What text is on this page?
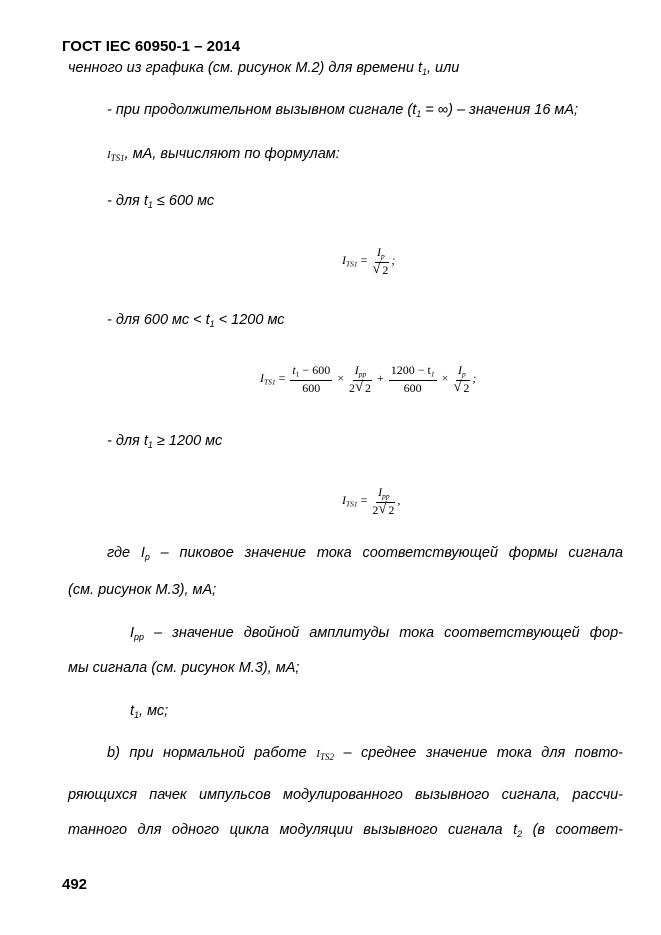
ГОСТ IEC 60950-1 – 2014
ченного из графика (см. рисунок М.2) для времени $t_1$, или
- при продолжительном вызывном сигнале ($t_1$ = ∞) – значения 16 мА;
$I_{TS1}$, мА, вычисляют по формулам:
- для $t_1 \le 600$ мс
$I_{TS1} = I_p$
√ 2 ;
- для 600 мс < $t_1 < 1200$ мс
$I_{TS1} = \frac{t_1 - 600}{600} \times \frac{I_{pp}}{2 √ 2} + \frac{1200 - t_1}{600} \times I_p$
√ 2 ;
- для $t_1 \ge 1200$ мс
$I_{TS1} = \frac{I_{pp}}{2 √ 2}$ ,
где $I_p$ – пиковое значение тока соответствующей формы сигнала
(см. рисунок М.3), мА;
$I_{pp}$ – значение двойной амплитуды тока соответствующей фор-
мы сигнала (см. рисунок М.3), мА;
$t_1$, мс;
b) при нормальной работе $I_{TS2}$ – среднее значение тока для повто-
ряющихся пачек импульсов модулированного вызывного сигнала, рассчи-
танного для одного цикла модуляции вызывного сигнала $t_2$ (в соответ-
492
